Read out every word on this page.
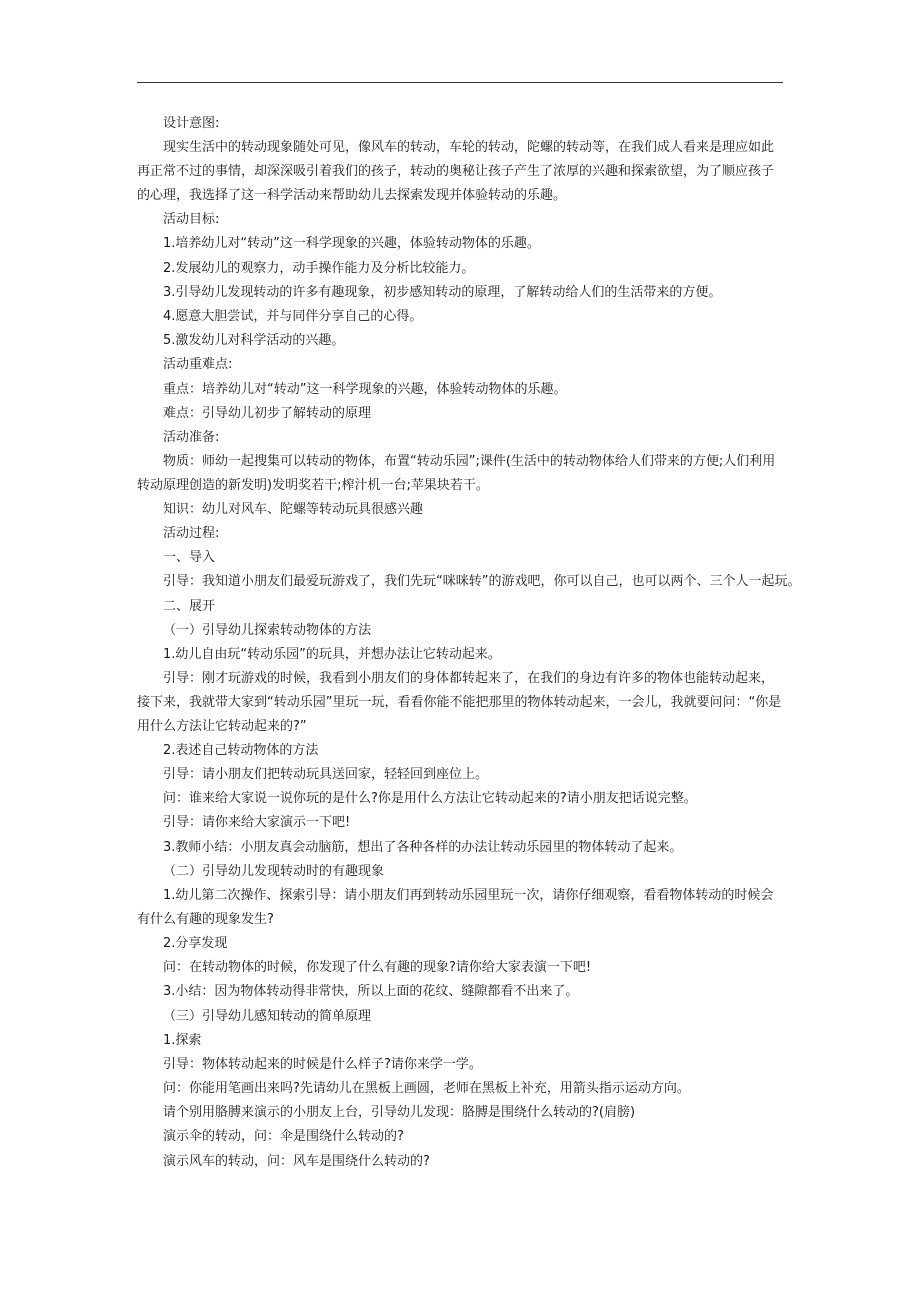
设计意图:
现实生活中的转动现象随处可见，像风车的转动，车轮的转动，陀螺的转动等，在我们成人看来是理应如此再正常不过的事情，却深深吸引着我们的孩子，转动的奥秘让孩子产生了浓厚的兴趣和探索欲望，为了顺应孩子的心理，我选择了这一科学活动来帮助幼儿去探索发现并体验转动的乐趣。
活动目标:
1.培养幼儿对“转动”这一科学现象的兴趣，体验转动物体的乐趣。
2.发展幼儿的观察力，动手操作能力及分析比较能力。
3.引导幼儿发现转动的许多有趣现象，初步感知转动的原理，了解转动给人们的生活带来的方便。
4.愿意大胆尝试，并与同伴分享自己的心得。
5.激发幼儿对科学活动的兴趣。
活动重难点:
重点：培养幼儿对“转动”这一科学现象的兴趣，体验转动物体的乐趣。
难点：引导幼儿初步了解转动的原理
活动准备:
物质：师幼一起搜集可以转动的物体，布置“转动乐园”;课件(生活中的转动物体给人们带来的方便;人们利用转动原理创造的新发明)发明奖若干;榨汁机一台;苹果块若干。
知识：幼儿对风车、陀螺等转动玩具很感兴趣
活动过程:
一、导入
引导：我知道小朋友们最爱玩游戏了，我们先玩“咪咪转”的游戏吧，你可以自己，也可以两个、三个人一起玩。
二、展开
（一）引导幼儿探索转动物体的方法
1.幼儿自由玩“转动乐园”的玩具，并想办法让它转动起来。
引导：刚才玩游戏的时候，我看到小朋友们的身体都转起来了，在我们的身边有许多的物体也能转动起来，接下来，我就带大家到“转动乐园”里玩一玩，看看你能不能把那里的物体转动起来，一会儿，我就要问问：“你是用什么方法让它转动起来的?”
2.表述自己转动物体的方法
引导：请小朋友们把转动玩具送回家，轻轻回到座位上。
问：谁来给大家说一说你玩的是什么?你是用什么方法让它转动起来的?请小朋友把话说完整。
引导：请你来给大家演示一下吧!
3.教师小结：小朋友真会动脑筋，想出了各种各样的办法让转动乐园里的物体转动了起来。
（二）引导幼儿发现转动时的有趣现象
1.幼儿第二次操作、探索引导：请小朋友们再到转动乐园里玩一次，请你仔细观察，看看物体转动的时候会有什么有趣的现象发生?
2.分享发现
问：在转动物体的时候，你发现了什么有趣的现象?请你给大家表演一下吧!
3.小结：因为物体转动得非常快，所以上面的花纹、缝隙都看不出来了。
（三）引导幼儿感知转动的简单原理
1.探索
引导：物体转动起来的时候是什么样子?请你来学一学。
问：你能用笔画出来吗?先请幼儿在黑板上画圆，老师在黑板上补充，用箭头指示运动方向。
请个别用胳膊来演示的小朋友上台，引导幼儿发现：胳膊是围绕什么转动的?(肩膀)
演示伞的转动，问：伞是围绕什么转动的?
演示风车的转动，问：风车是围绕什么转动的?
